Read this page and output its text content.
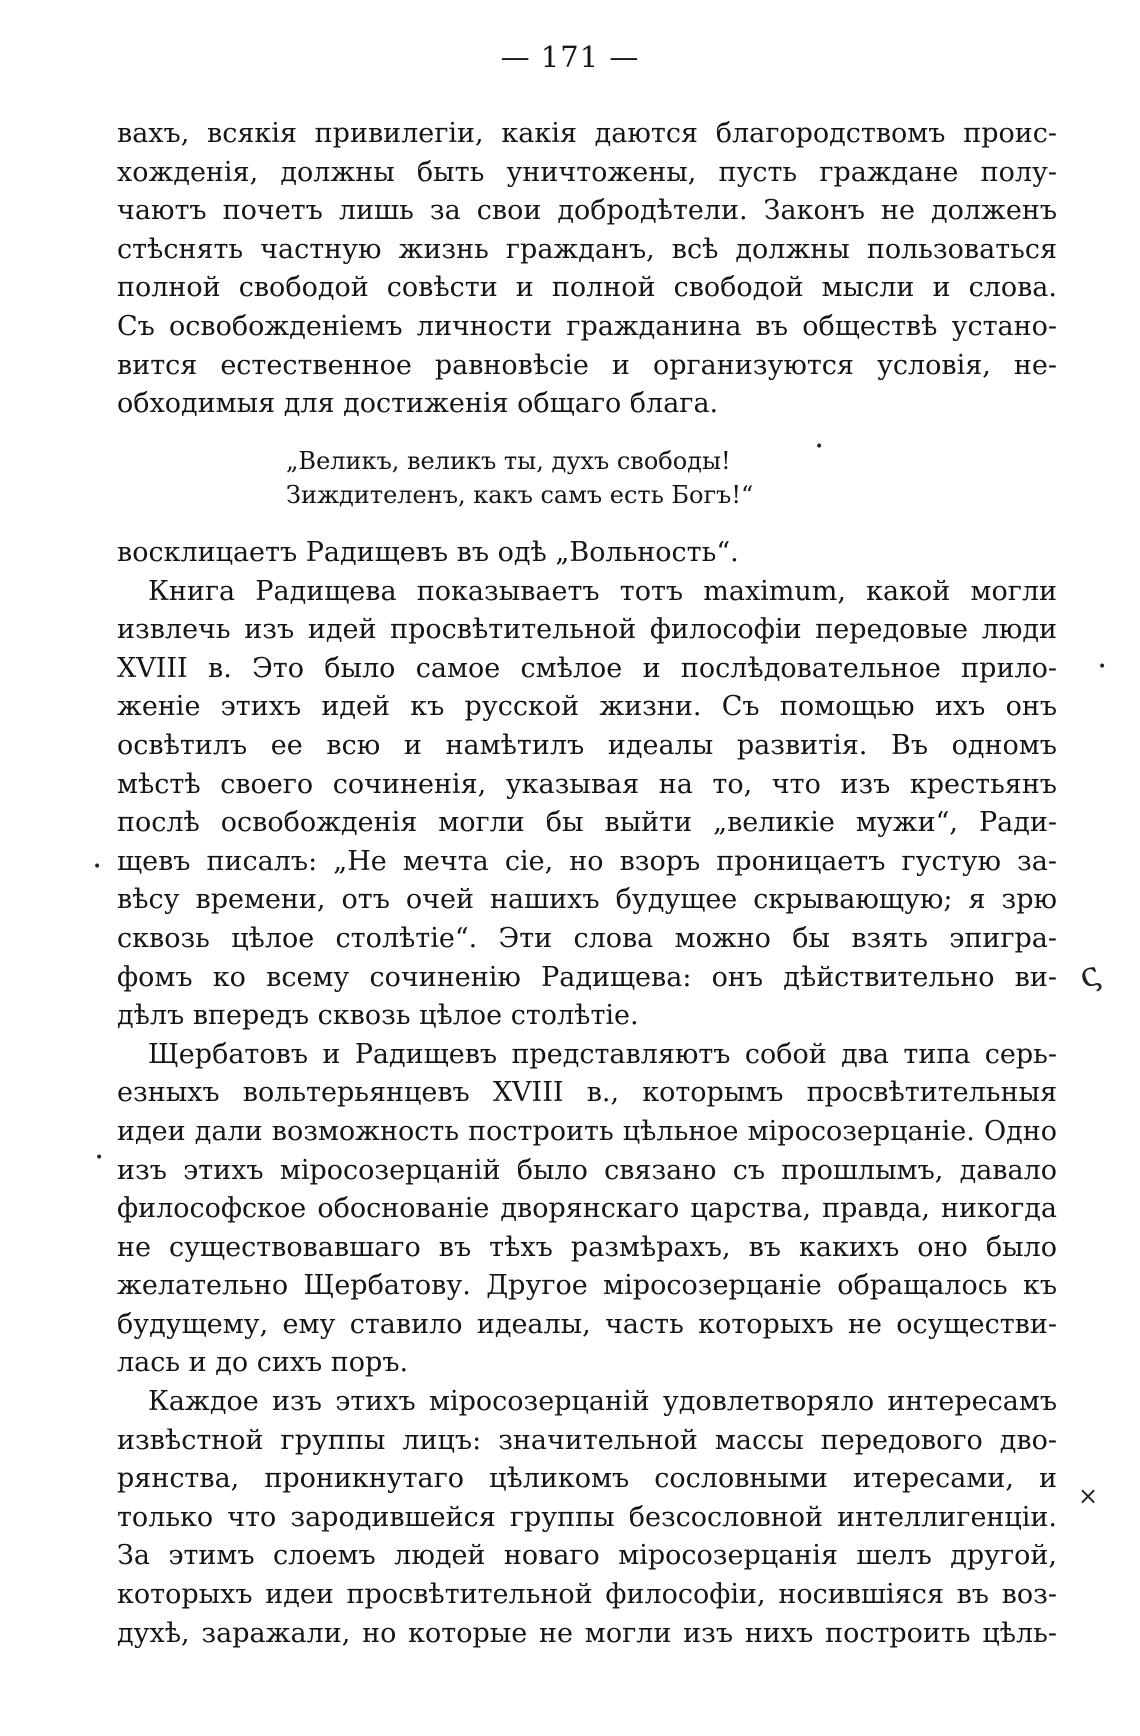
— 171 —
вахъ, всякія привилегіи, какія даются благородствомъ проис-
хожденія, должны быть уничтожены, пусть граждане полу-
чаютъ почетъ лишь за свои добродѣтели. Законъ не долженъ
стѣснять частную жизнь гражданъ, всѣ должны пользоваться
полной свободой совѣсти и полной свободой мысли и слова.
Съ освобожденіемъ личности гражданина въ обществѣ устано-
вится естественное равновѣсіе и организуются условія, не-
обходимыя для достиженія общаго блага.
„Великъ, великъ ты, духъ свободы!
Зиждителенъ, какъ самъ есть Богъ!“
восклицаетъ Радищевъ въ одѣ „Вольность“.
Книга Радищева показываетъ тотъ maximum, какой могли
извлечь изъ идей просвѣтительной философіи передовые люди
XVIII в. Это было самое смѣлое и послѣдовательное прило-
женіе этихъ идей къ русской жизни. Съ помощью ихъ онъ
освѣтилъ ее всю и намѣтилъ идеалы развитія. Въ одномъ
мѣстѣ своего сочиненія, указывая на то, что изъ крестьянъ
послѣ освобожденія могли бы выйти „великіе мужи“, Ради-
щевъ писалъ: „Не мечта сіе, но взоръ проницаетъ густую за-
вѣсу времени, отъ очей нашихъ будущее скрывающую; я зрю
сквозь цѣлое столѣтіе“. Эти слова можно бы взять эпигра-
фомъ ко всему сочиненію Радищева: онъ дѣйствительно ви-
дѣлъ впередъ сквозь цѣлое столѣтіе.
Щербатовъ и Радищевъ представляютъ собой два типа серь-
езныхъ вольтерьянцевъ XVIII в., которымъ просвѣтительныя
идеи дали возможность построить цѣльное міросозерцаніе. Одно
изъ этихъ міросозерцаній было связано съ прошлымъ, давало
философское обоснованіе дворянскаго царства, правда, никогда
не существовавшаго въ тѣхъ размѣрахъ, въ какихъ оно было
желательно Щербатову. Другое міросозерцаніе обращалось къ
будущему, ему ставило идеалы, часть которыхъ не осуществи-
лась и до сихъ поръ.
Каждое изъ этихъ міросозерцаній удовлетворяло интересамъ
извѣстной группы лицъ: значительной массы передового дво-
рянства, проникнутаго цѣликомъ сословными итересами, и
только что зародившейся группы безсословной интеллигенціи.
За этимъ слоемъ людей новаго міросозерцанія шелъ другой,
которыхъ идеи просвѣтительной философіи, носившіяся въ воз-
духѣ, заражали, но которые не могли изъ нихъ построить цѣль-
•
•
•
ς
•
×
